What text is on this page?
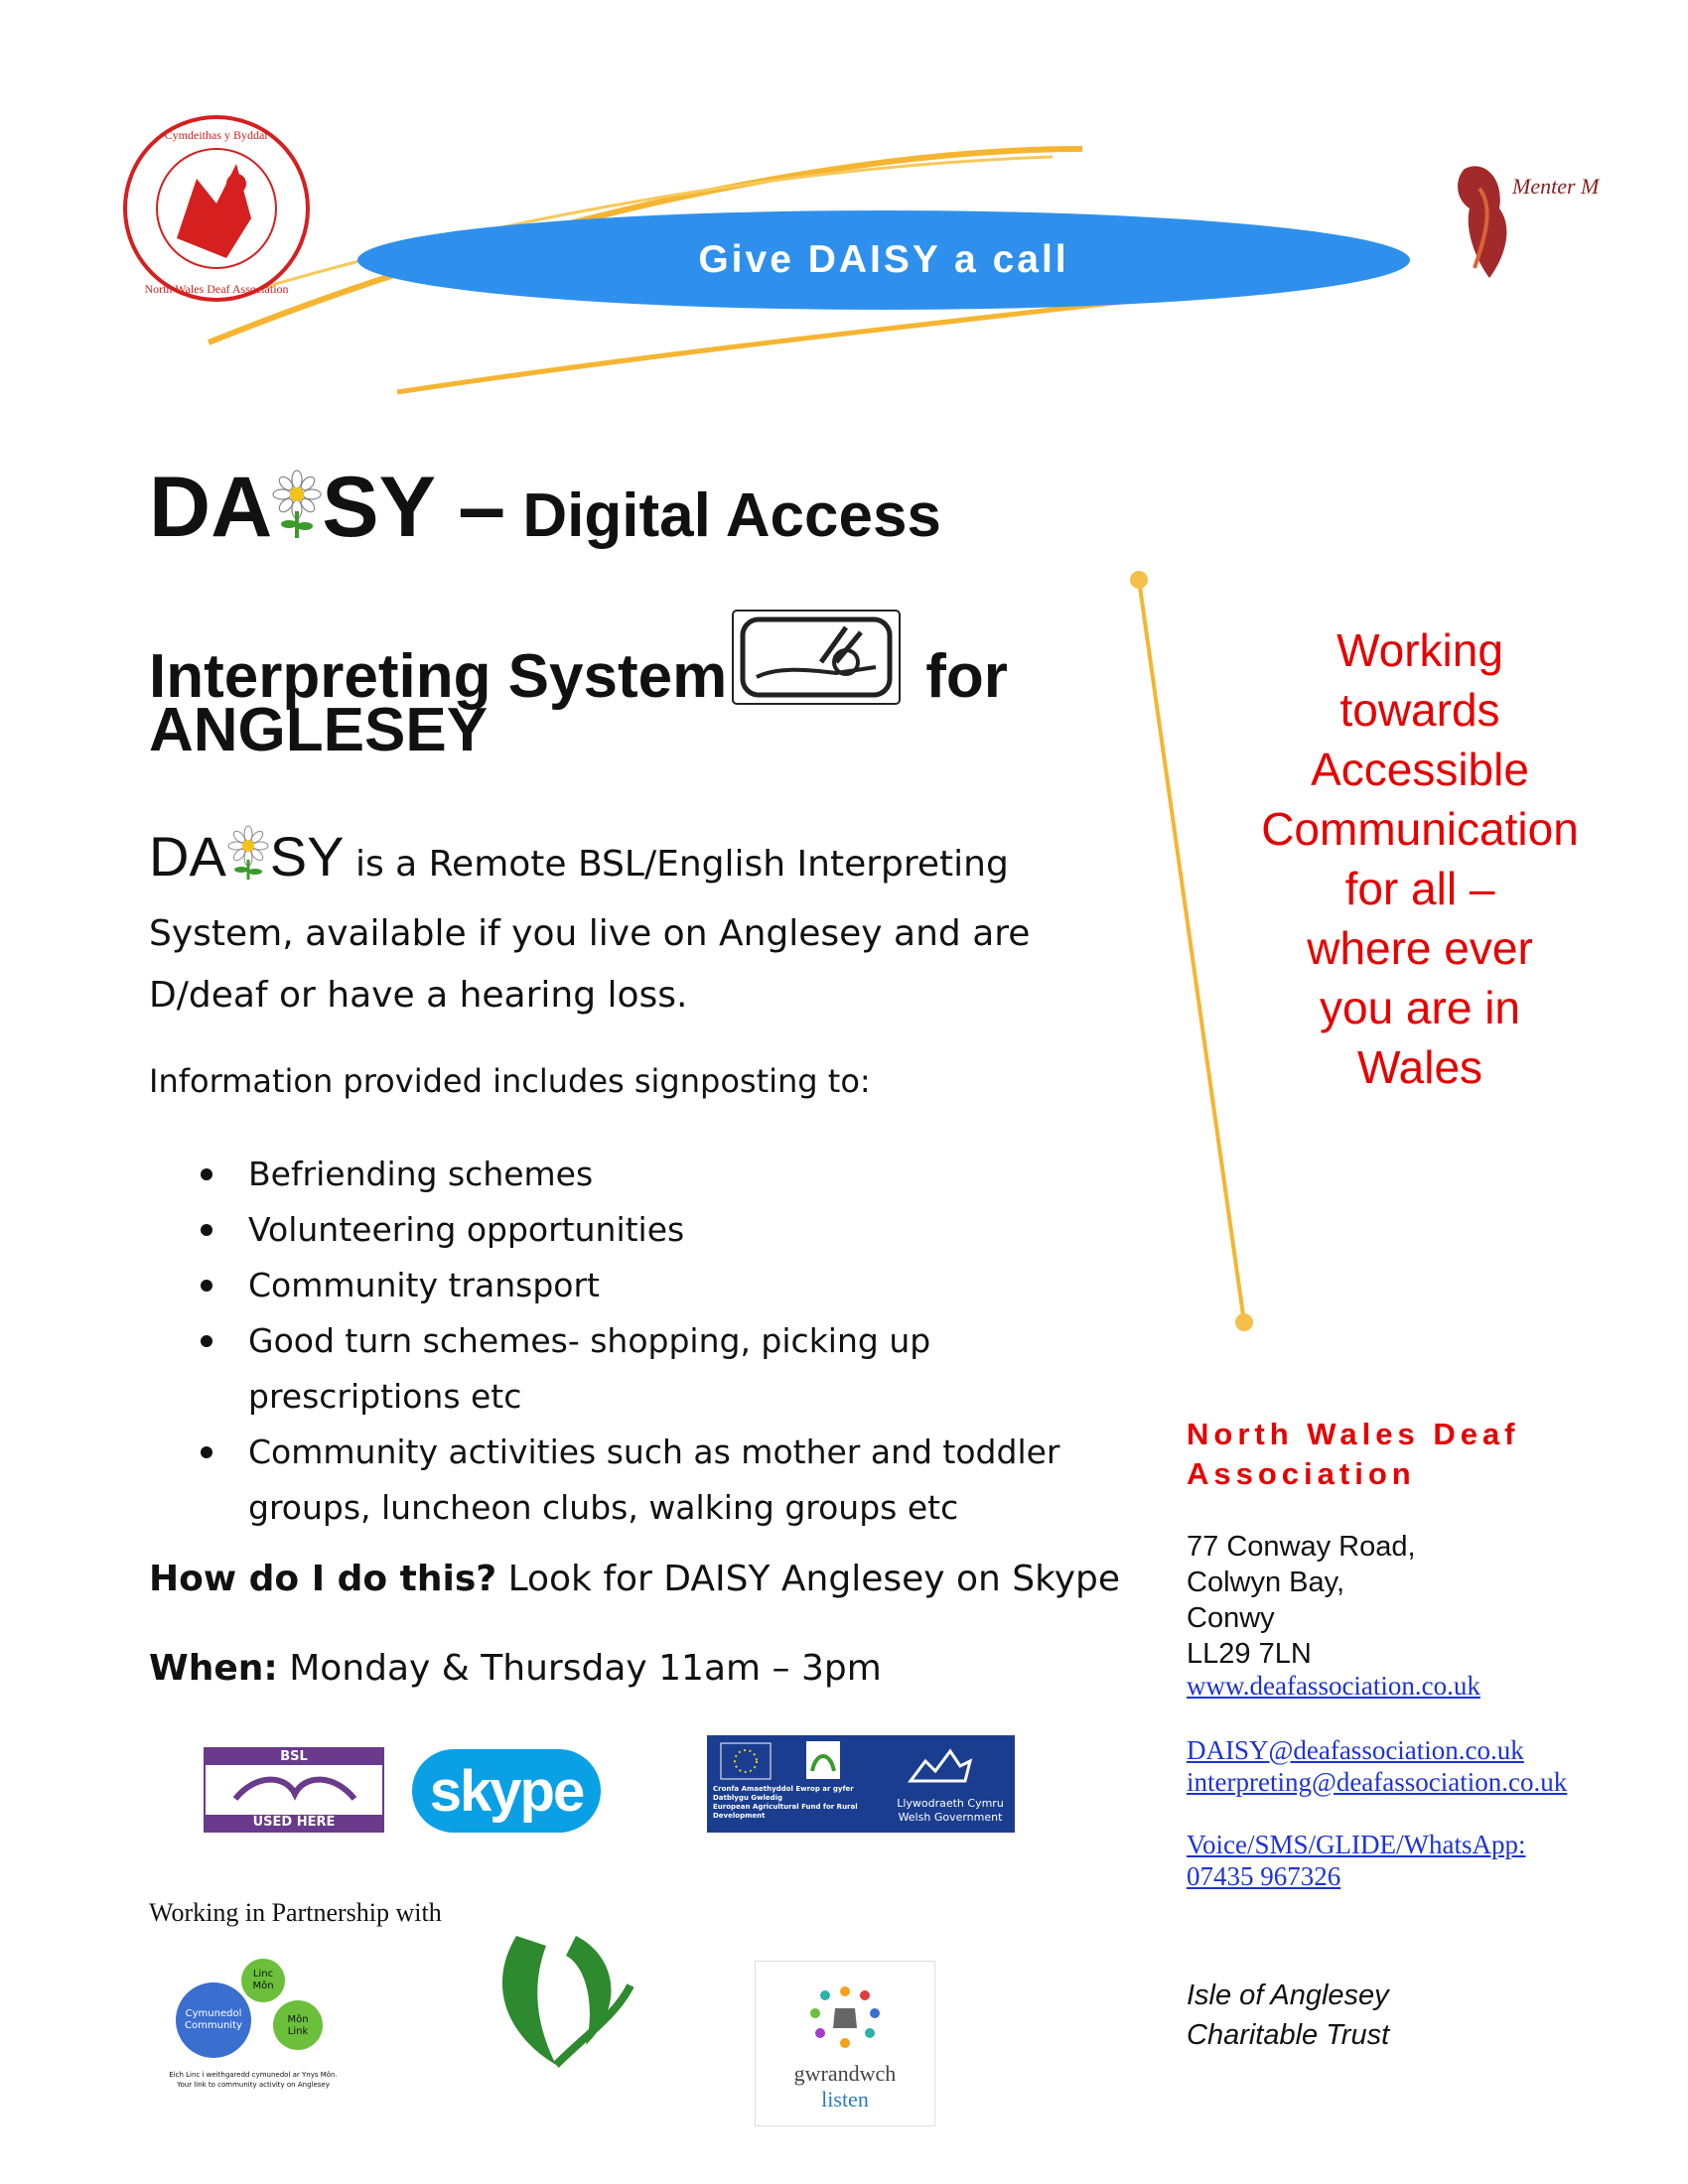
Cymdeithas y Byddar
North Wales Deaf Association
Menter M
Give DAISY a call
DA SY – Digital Access
Interpreting System	for
ANGLESEY
DA SY is a Remote BSL/English Interpreting
System, available if you live on Anglesey and are
D/deaf or have a hearing loss.
Information provided includes signposting to:
Befriending schemes
Volunteering opportunities
Community transport
Good turn schemes- shopping, picking up prescriptions etc
Community activities such as mother and toddler groups, luncheon clubs, walking groups etc
How do I do this? Look for DAISY Anglesey on Skype
When: Monday & Thursday 11am – 3pm
BSL
USED HERE	skype	Cronfa Amaethyddol Ewrop ar gyfer Datblygu Gwledig
European Agricultural Fund for Rural Development
Llywodraeth Cymru
Welsh Government
Working in Partnership with
Linc Môn
Cymunedol Community
Môn Link
Eich Linc i weithgaredd cymunedol ar Ynys Môn.
Your link to community activity on Anglesey	MEDRWN MÔN	gwrandwch
listen
Working
towards
Accessible
Communication
for all –
where ever
you are in
Wales
North Wales Deaf
Association
77 Conway Road,
Colwyn Bay,
Conwy
LL29 7LN
www.deafassociation.co.uk
DAISY@deafassociation.co.uk
interpreting@deafassociation.co.uk
Voice/SMS/GLIDE/WhatsApp:
07435 967326
Isle of Anglesey
Charitable Trust
